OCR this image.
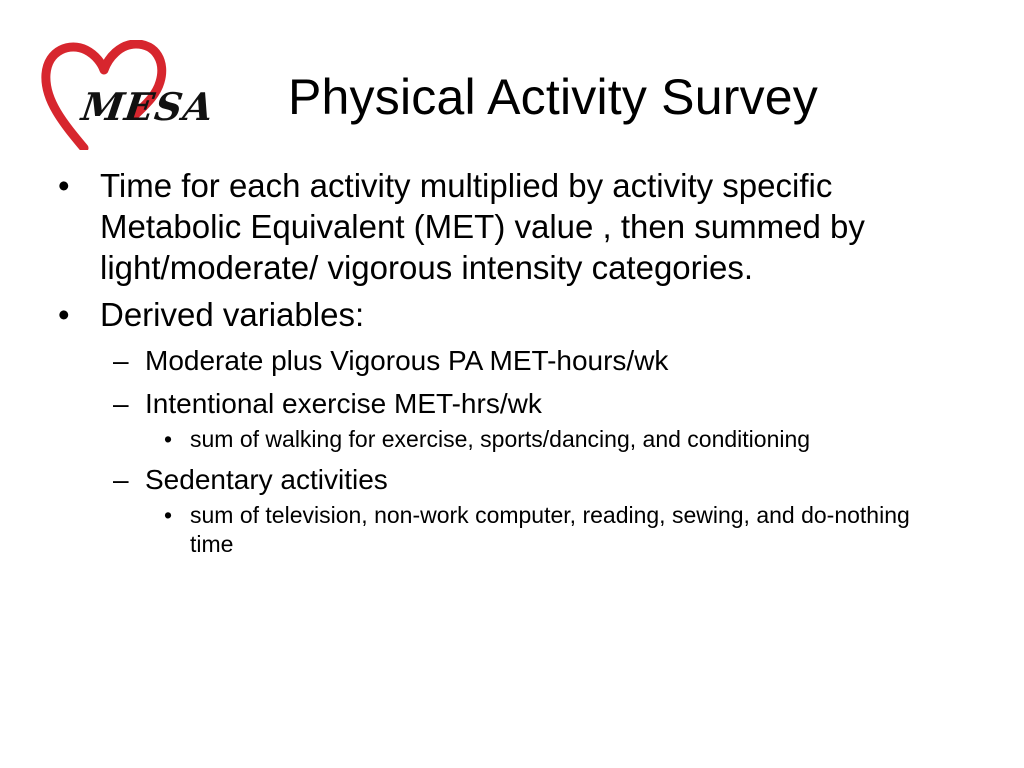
MESA Physical Activity Survey
• Time for each activity multiplied by activity specific Metabolic Equivalent (MET) value , then summed by light/moderate/ vigorous intensity categories.
• Derived variables:
– Moderate plus Vigorous PA MET-hours/wk
– Intentional exercise MET-hrs/wk
• sum of walking for exercise, sports/dancing, and conditioning
– Sedentary activities
• sum of television, non-work computer, reading, sewing, and do-nothing time
